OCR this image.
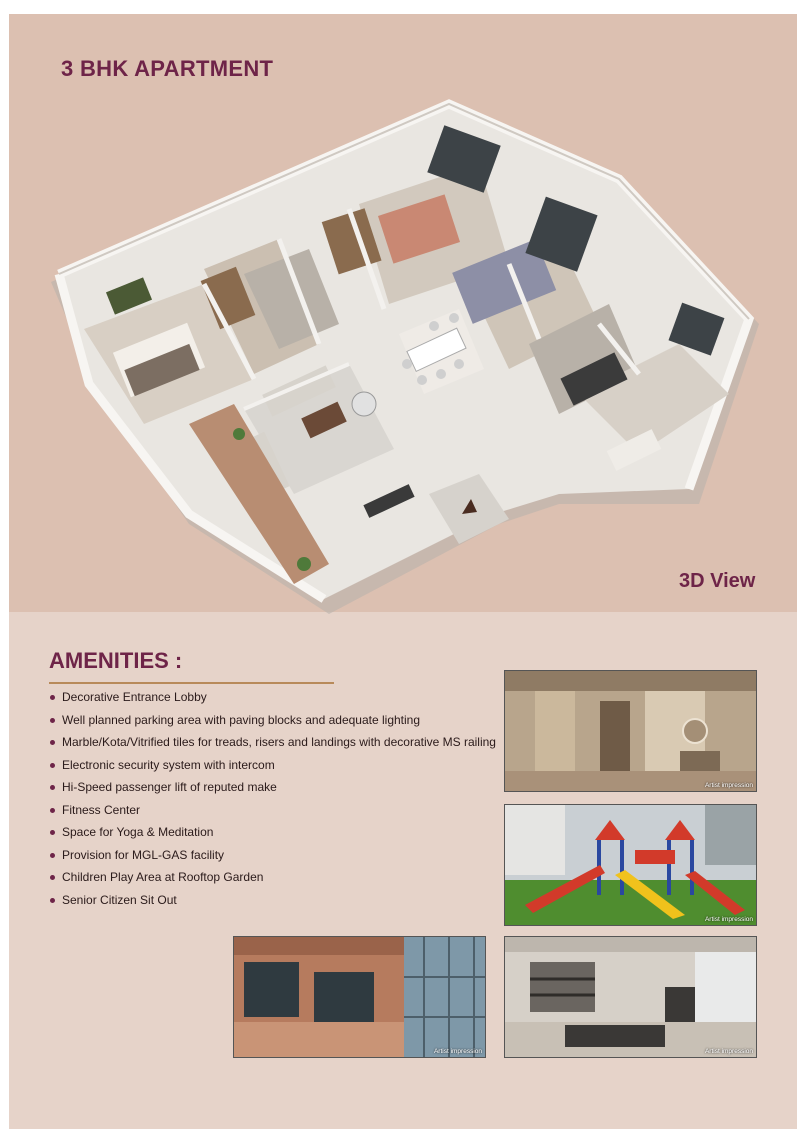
3 BHK APARTMENT
3D View
AMENITIES :
Decorative Entrance Lobby
Well planned parking area with paving blocks and adequate lighting
Marble/Kota/Vitrified tiles for treads, risers and landings with decorative MS railing
Electronic security system with intercom
Hi-Speed passenger lift of reputed make
Fitness Center
Space for Yoga & Meditation
Provision for MGL-GAS facility
Children Play Area at Rooftop Garden
Senior Citizen Sit Out
Artist impression
Artist impression
Artist impression	Artist impression
